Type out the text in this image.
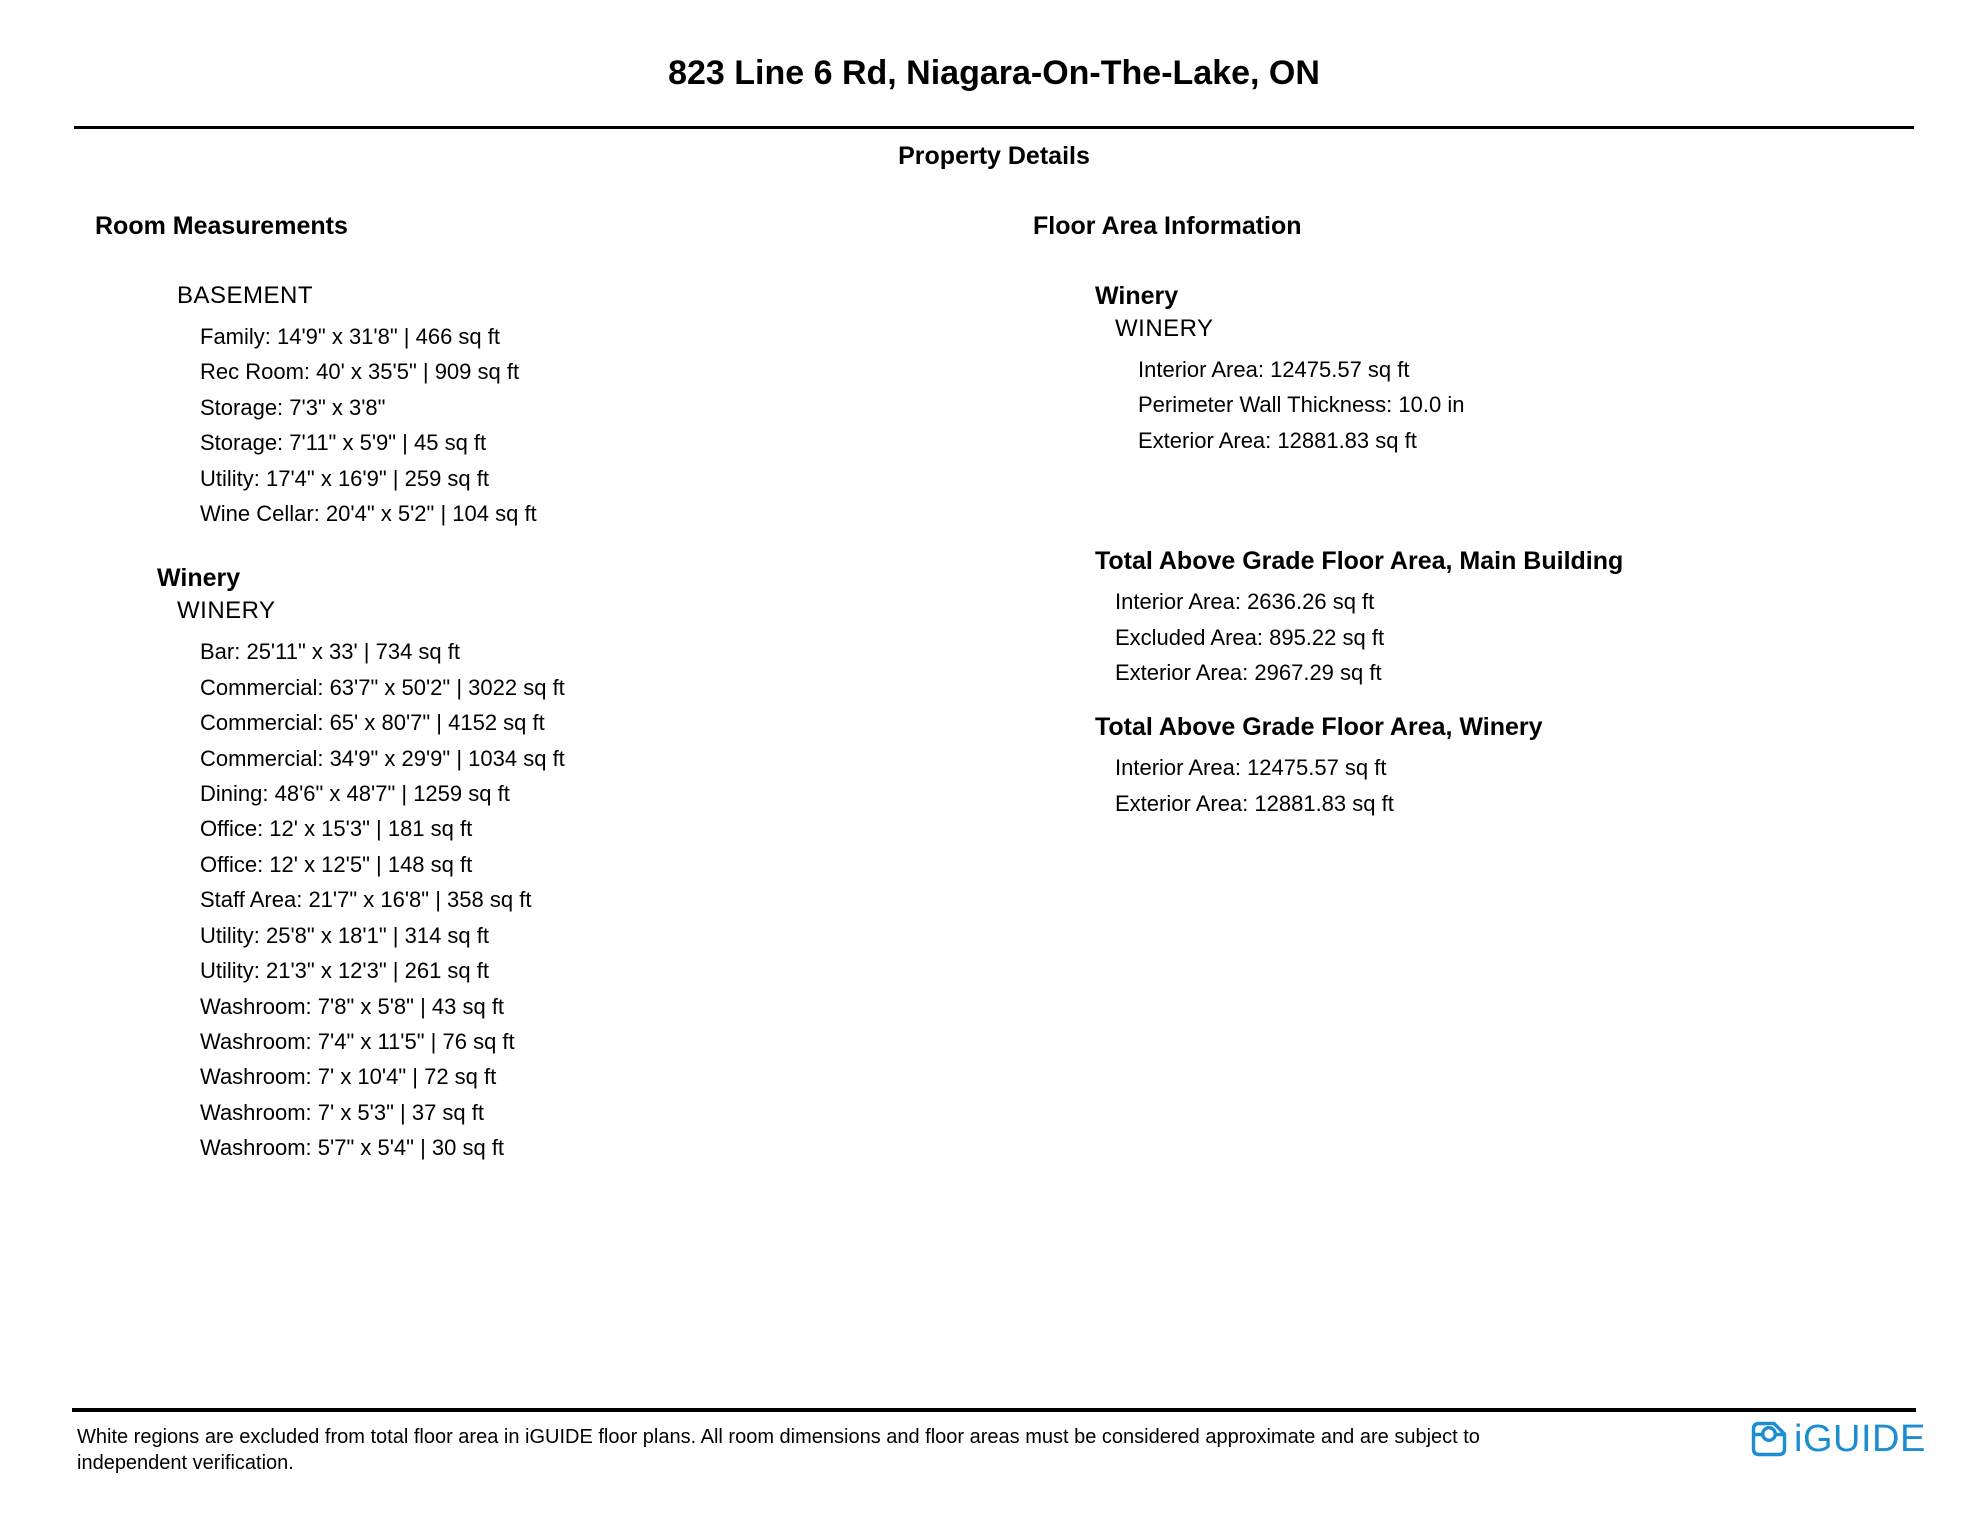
823 Line 6 Rd, Niagara-On-The-Lake, ON
Property Details
Room Measurements
BASEMENT
Family: 14'9" x 31'8" | 466 sq ft
Rec Room: 40' x 35'5" | 909 sq ft
Storage: 7'3" x 3'8"
Storage: 7'11" x 5'9" | 45 sq ft
Utility: 17'4" x 16'9" | 259 sq ft
Wine Cellar: 20'4" x 5'2" | 104 sq ft
Winery
WINERY
Bar: 25'11" x 33' | 734 sq ft
Commercial: 63'7" x 50'2" | 3022 sq ft
Commercial: 65' x 80'7" | 4152 sq ft
Commercial: 34'9" x 29'9" | 1034 sq ft
Dining: 48'6" x 48'7" | 1259 sq ft
Office: 12' x 15'3" | 181 sq ft
Office: 12' x 12'5" | 148 sq ft
Staff Area: 21'7" x 16'8" | 358 sq ft
Utility: 25'8" x 18'1" | 314 sq ft
Utility: 21'3" x 12'3" | 261 sq ft
Washroom: 7'8" x 5'8" | 43 sq ft
Washroom: 7'4" x 11'5" | 76 sq ft
Washroom: 7' x 10'4" | 72 sq ft
Washroom: 7' x 5'3" | 37 sq ft
Washroom: 5'7" x 5'4" | 30 sq ft
Floor Area Information
Winery
WINERY
Interior Area: 12475.57 sq ft
Perimeter Wall Thickness: 10.0 in
Exterior Area: 12881.83 sq ft
Total Above Grade Floor Area, Main Building
Interior Area: 2636.26 sq ft
Excluded Area: 895.22 sq ft
Exterior Area: 2967.29 sq ft
Total Above Grade Floor Area, Winery
Interior Area: 12475.57 sq ft
Exterior Area: 12881.83 sq ft
White regions are excluded from total floor area in iGUIDE floor plans. All room dimensions and floor areas must be considered approximate and are subject to independent verification.
iGUIDE
